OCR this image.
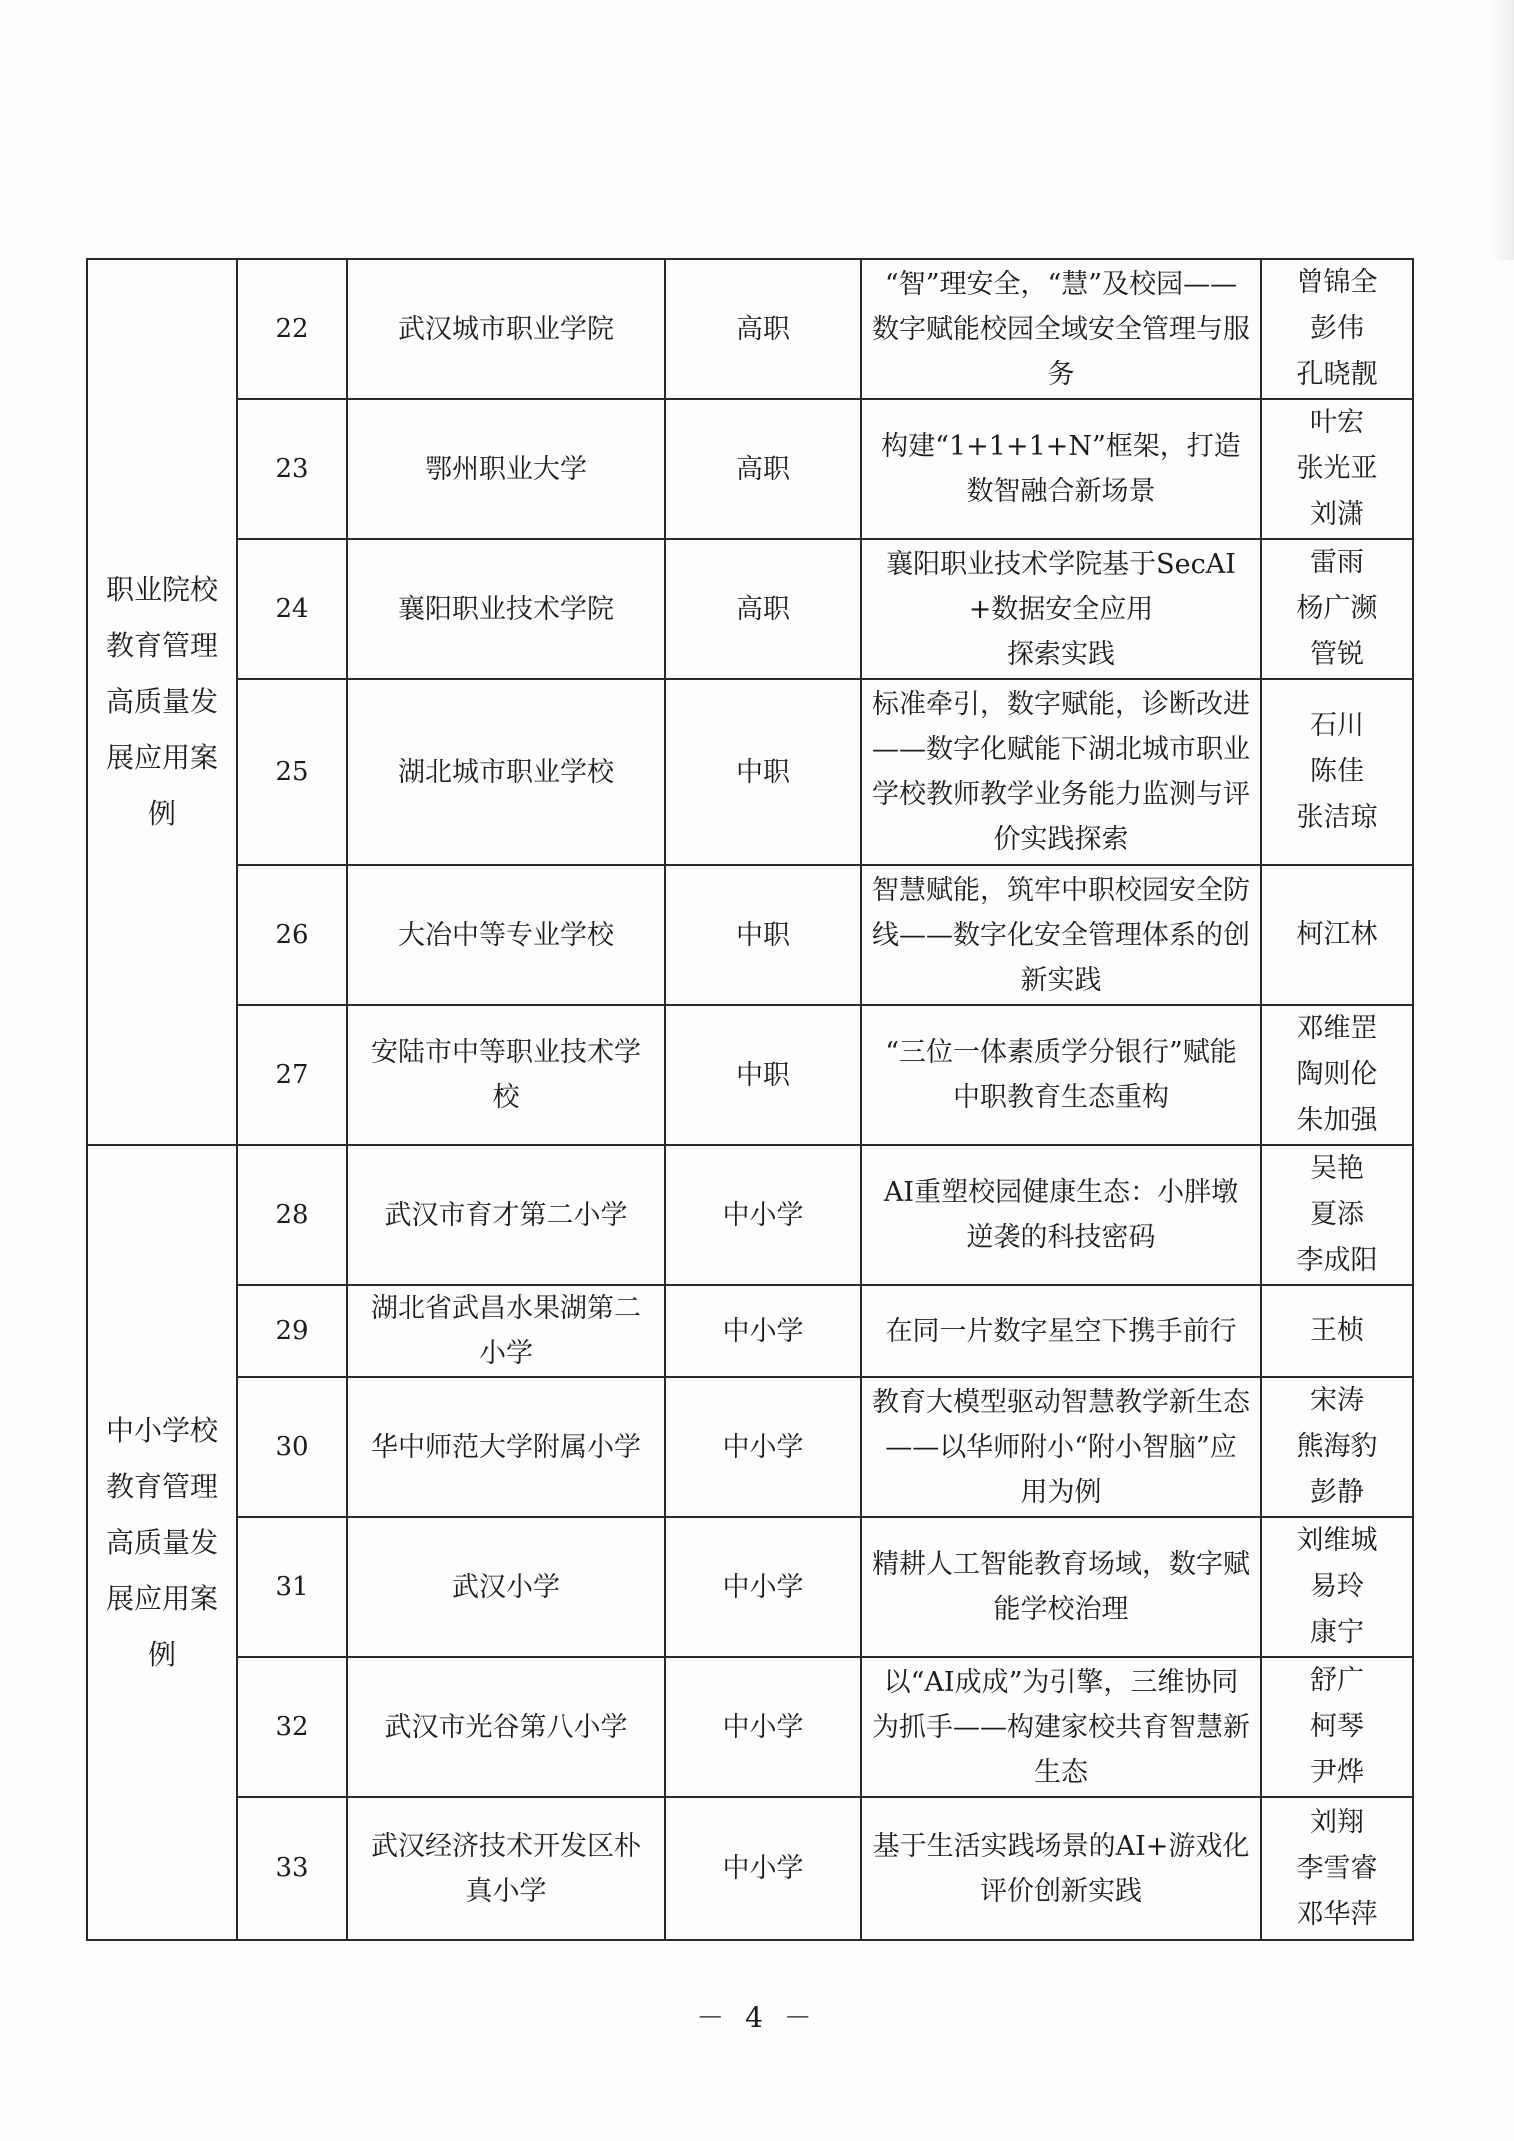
职业院校教育管理高质量发展应用案例	22	武汉城市职业学院	高职	“智”理安全，“慧”及校园——数字赋能校园全域安全管理与服务	曾锦全
彭伟
孔晓靓

	23	鄂州职业大学	高职	构建“1+1+1+N”框架，打造数智融合新场景	叶宏
张光亚
刘潇

	24	襄阳职业技术学院	高职	襄阳职业技术学院基于SecAI+数据安全应用
探索实践	雷雨
杨广濒
管锐

	25	湖北城市职业学校	中职	标准牵引，数字赋能，诊断改进——数字化赋能下湖北城市职业学校教师教学业务能力监测与评价实践探索	石川
陈佳
张洁琼

	26	大冶中等专业学校	中职	智慧赋能，筑牢中职校园安全防线——数字化安全管理体系的创新实践	柯江林

	27	安陆市中等职业技术学校	中职	“三位一体素质学分银行”赋能中职教育生态重构	邓维罡
陶则伦
朱加强

中小学校教育管理高质量发展应用案例	28	武汉市育才第二小学	中小学	AI重塑校园健康生态：小胖墩逆袭的科技密码	吴艳
夏添
李成阳

	29	湖北省武昌水果湖第二小学	中小学	在同一片数字星空下携手前行	王桢

	30	华中师范大学附属小学	中小学	教育大模型驱动智慧教学新生态——以华师附小“附小智脑”应用为例	宋涛
熊海豹
彭静

	31	武汉小学	中小学	精耕人工智能教育场域，数字赋能学校治理	刘维城
易玲
康宁

	32	武汉市光谷第八小学	中小学	以“AI成成”为引擎，三维协同为抓手——构建家校共育智慧新生态	舒广
柯琴
尹烨

	33	武汉经济技术开发区朴真小学	中小学	基于生活实践场景的AI+游戏化评价创新实践	刘翔
李雪睿
邓华萍
－ 4 －
